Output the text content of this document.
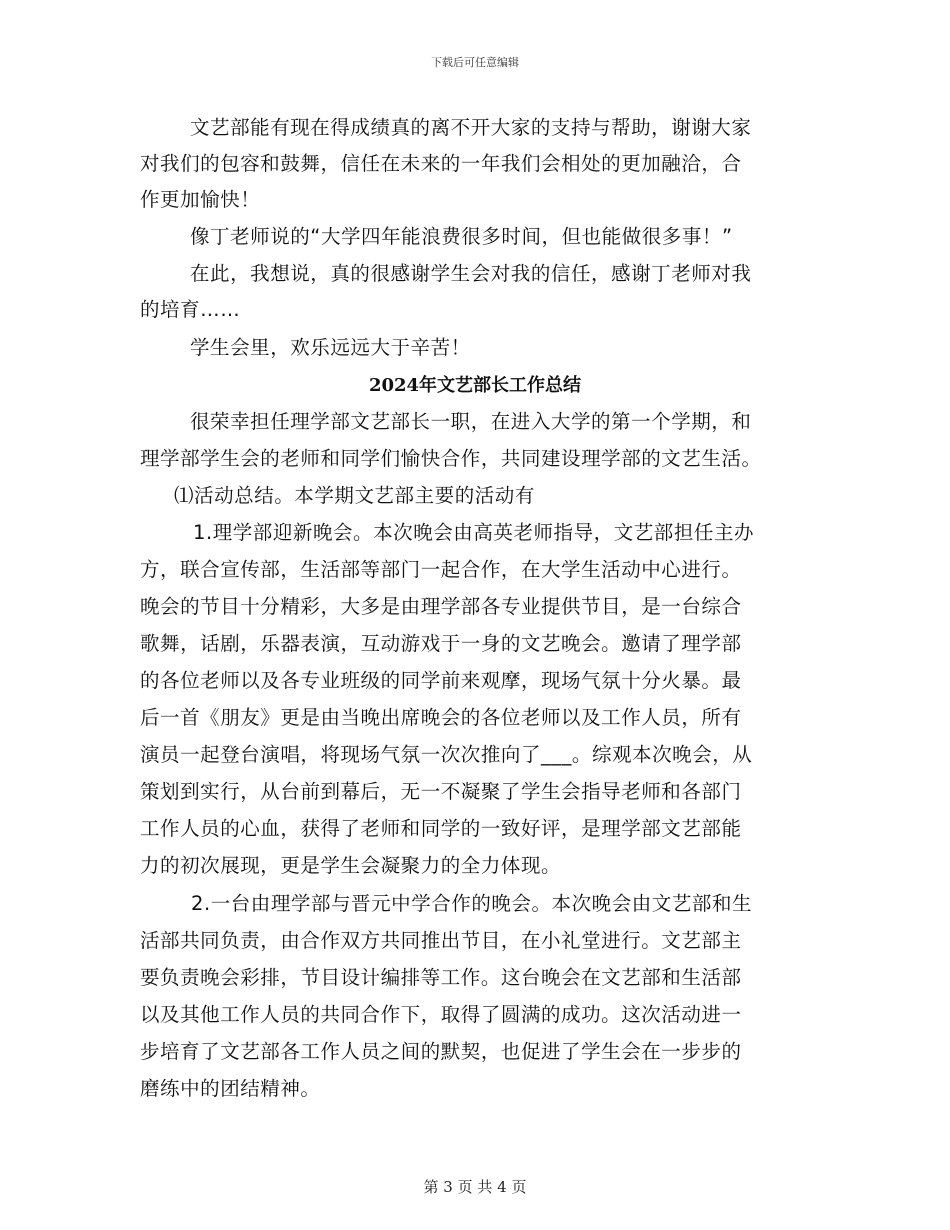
下载后可任意编辑
文艺部能有现在得成绩真的离不开大家的支持与帮助，谢谢大家
对我们的包容和鼓舞，信任在未来的一年我们会相处的更加融洽，合
作更加愉快！
像丁老师说的“大学四年能浪费很多时间，但也能做很多事！”
在此，我想说，真的很感谢学生会对我的信任，感谢丁老师对我
的培育……
学生会里，欢乐远远大于辛苦！
2024年文艺部长工作总结
很荣幸担任理学部文艺部长一职，在进入大学的第一个学期，和
理学部学生会的老师和同学们愉快合作，共同建设理学部的文艺生活。
⑴活动总结。本学期文艺部主要的活动有
1.理学部迎新晚会。本次晚会由高英老师指导，文艺部担任主办
方，联合宣传部，生活部等部门一起合作，在大学生活动中心进行。
晚会的节目十分精彩，大多是由理学部各专业提供节目，是一台综合
歌舞，话剧，乐器表演，互动游戏于一身的文艺晚会。邀请了理学部
的各位老师以及各专业班级的同学前来观摩，现场气氛十分火暴。最
后一首《朋友》更是由当晚出席晚会的各位老师以及工作人员，所有
演员一起登台演唱，将现场气氛一次次推向了___。综观本次晚会，从
策划到实行，从台前到幕后，无一不凝聚了学生会指导老师和各部门
工作人员的心血，获得了老师和同学的一致好评，是理学部文艺部能
力的初次展现，更是学生会凝聚力的全力体现。
2.一台由理学部与晋元中学合作的晚会。本次晚会由文艺部和生
活部共同负责，由合作双方共同推出节目，在小礼堂进行。文艺部主
要负责晚会彩排，节目设计编排等工作。这台晚会在文艺部和生活部
以及其他工作人员的共同合作下，取得了圆满的成功。这次活动进一
步培育了文艺部各工作人员之间的默契，也促进了学生会在一步步的
磨练中的团结精神。
第 3 页 共 4 页
